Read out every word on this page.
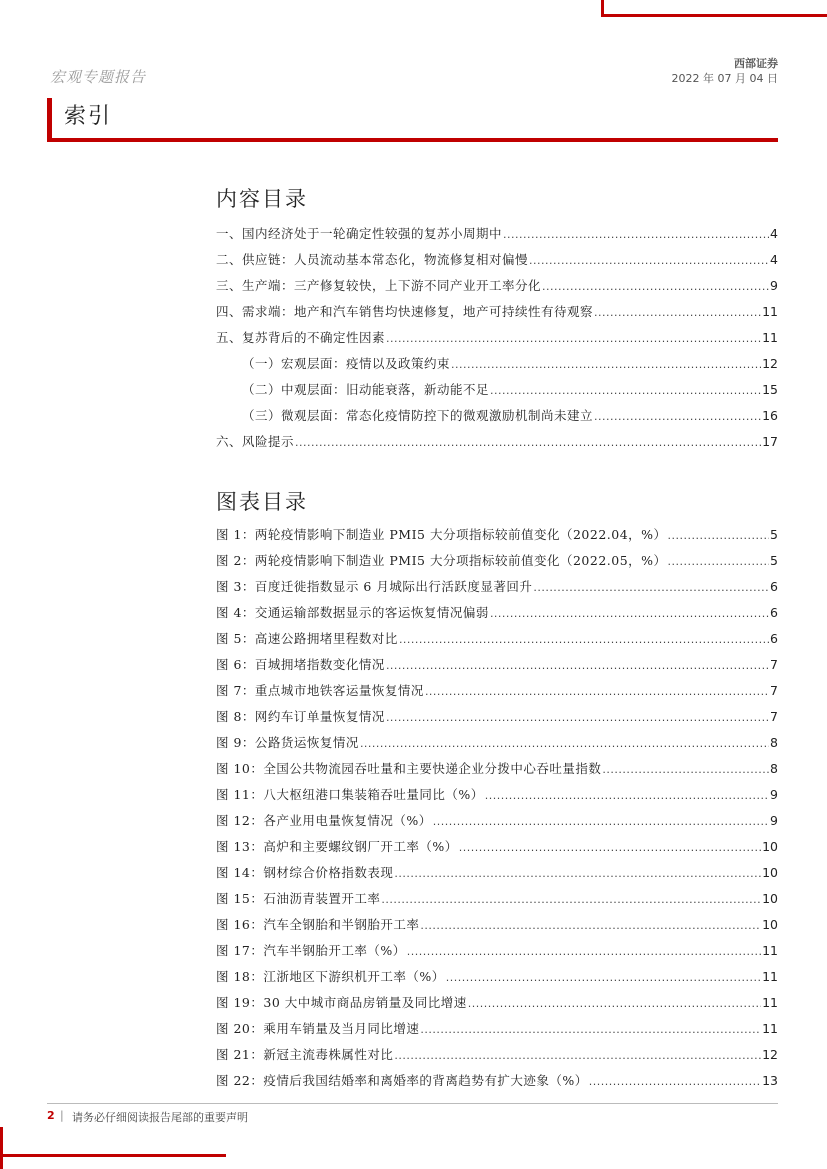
西部证券
2022 年 07 月 04 日
宏观专题报告
索引
内容目录
一、国内经济处于一轮确定性较强的复苏小周期中 .....	4
二、供应链：人员流动基本常态化，物流修复相对偏慢 .....	4
三、生产端：三产修复较快，上下游不同产业开工率分化 .....	9
四、需求端：地产和汽车销售均快速修复，地产可持续性有待观察 .....	11
五、复苏背后的不确定性因素 .....	11
（一）宏观层面：疫情以及政策约束 .....	12
（二）中观层面：旧动能衰落，新动能不足 .....	15
（三）微观层面：常态化疫情防控下的微观激励机制尚未建立 .....	16
六、风险提示 .....	17
图表目录
图 1：两轮疫情影响下制造业 PMI5 大分项指标较前值变化（2022.04，%） .....	5
图 2：两轮疫情影响下制造业 PMI5 大分项指标较前值变化（2022.05，%） .....	5
图 3：百度迁徙指数显示 6 月城际出行活跃度显著回升 .....	6
图 4：交通运输部数据显示的客运恢复情况偏弱 .....	6
图 5：高速公路拥堵里程数对比 .....	6
图 6：百城拥堵指数变化情况 .....	7
图 7：重点城市地铁客运量恢复情况 .....	7
图 8：网约车订单量恢复情况 .....	7
图 9：公路货运恢复情况 .....	8
图 10：全国公共物流园吞吐量和主要快递企业分拨中心吞吐量指数 .....	8
图 11：八大枢纽港口集装箱吞吐量同比（%） .....	9
图 12：各产业用电量恢复情况（%） .....	9
图 13：高炉和主要螺纹钢厂开工率（%） .....	10
图 14：钢材综合价格指数表现 .....	10
图 15：石油沥青装置开工率 .....	10
图 16：汽车全钢胎和半钢胎开工率 .....	10
图 17：汽车半钢胎开工率（%） .....	11
图 18：江浙地区下游织机开工率（%） .....	11
图 19：30 大中城市商品房销量及同比增速 .....	11
图 20：乘用车销量及当月同比增速 .....	11
图 21：新冠主流毒株属性对比 .....	12
图 22：疫情后我国结婚率和离婚率的背离趋势有扩大迹象（%） .....	13
2 | 请务必仔细阅读报告尾部的重要声明
